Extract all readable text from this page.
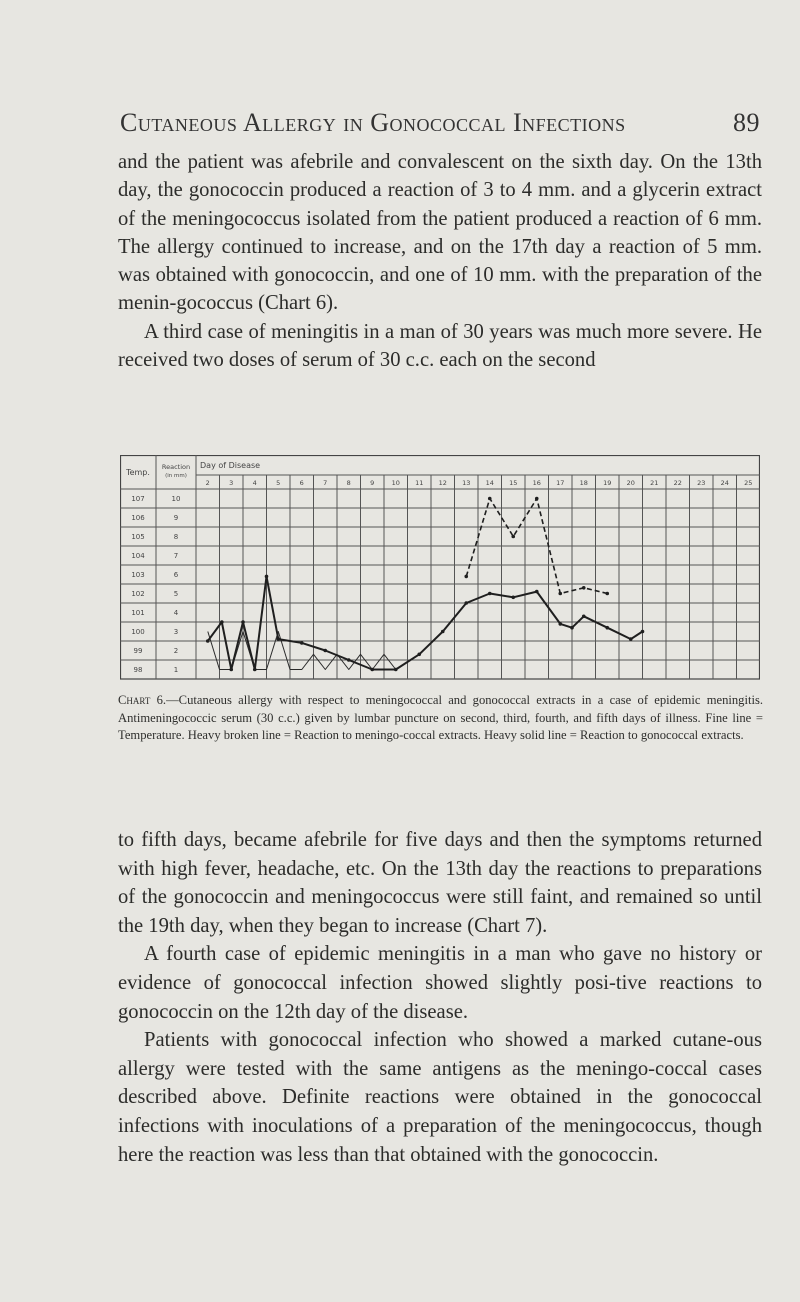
Cutaneous Allergy in Gonococcal Infections	89

and the patient was afebrile and convalescent on the sixth day. On the 13th day, the gonococcin produced a reaction of 3 to 4 mm. and a glycerin extract of the meningococcus isolated from the patient produced a reaction of 6 mm. The allergy continued to increase, and on the 17th day a reaction of 5 mm. was obtained with gonococcin, and one of 10 mm. with the preparation of the menin-gococcus (Chart 6).

A third case of meningitis in a man of 30 years was much more severe. He received two doses of serum of 30 c.c. each on the second

Temp.
Reaction
(in mm)
Day of Disease
2	3	4	5	6	7	8	9	10 11 12 13 14 15 16 17 18 19 20 21 22 23 24 25
107
106
105
104
103
102
101
100
99
98
10
9
8
7
6
5
4
3
2
1
Chart 6.—Cutaneous allergy with respect to meningococcal and gonococcal extracts in a case of epidemic meningitis. Antimeningococcic serum (30 c.c.) given by lumbar puncture on second, third, fourth, and fifth days of illness. Fine line = Temperature. Heavy broken line = Reaction to meningo-coccal extracts. Heavy solid line = Reaction to gonococcal extracts.

to fifth days, became afebrile for five days and then the symptoms returned with high fever, headache, etc. On the 13th day the reactions to preparations of the gonococcin and meningococcus were still faint, and remained so until the 19th day, when they began to increase (Chart 7).

A fourth case of epidemic meningitis in a man who gave no history or evidence of gonococcal infection showed slightly posi-tive reactions to gonococcin on the 12th day of the disease.

Patients with gonococcal infection who showed a marked cutane-ous allergy were tested with the same antigens as the meningo-coccal cases described above. Definite reactions were obtained in the gonococcal infections with inoculations of a preparation of the meningococcus, though here the reaction was less than that obtained with the gonococcin.
